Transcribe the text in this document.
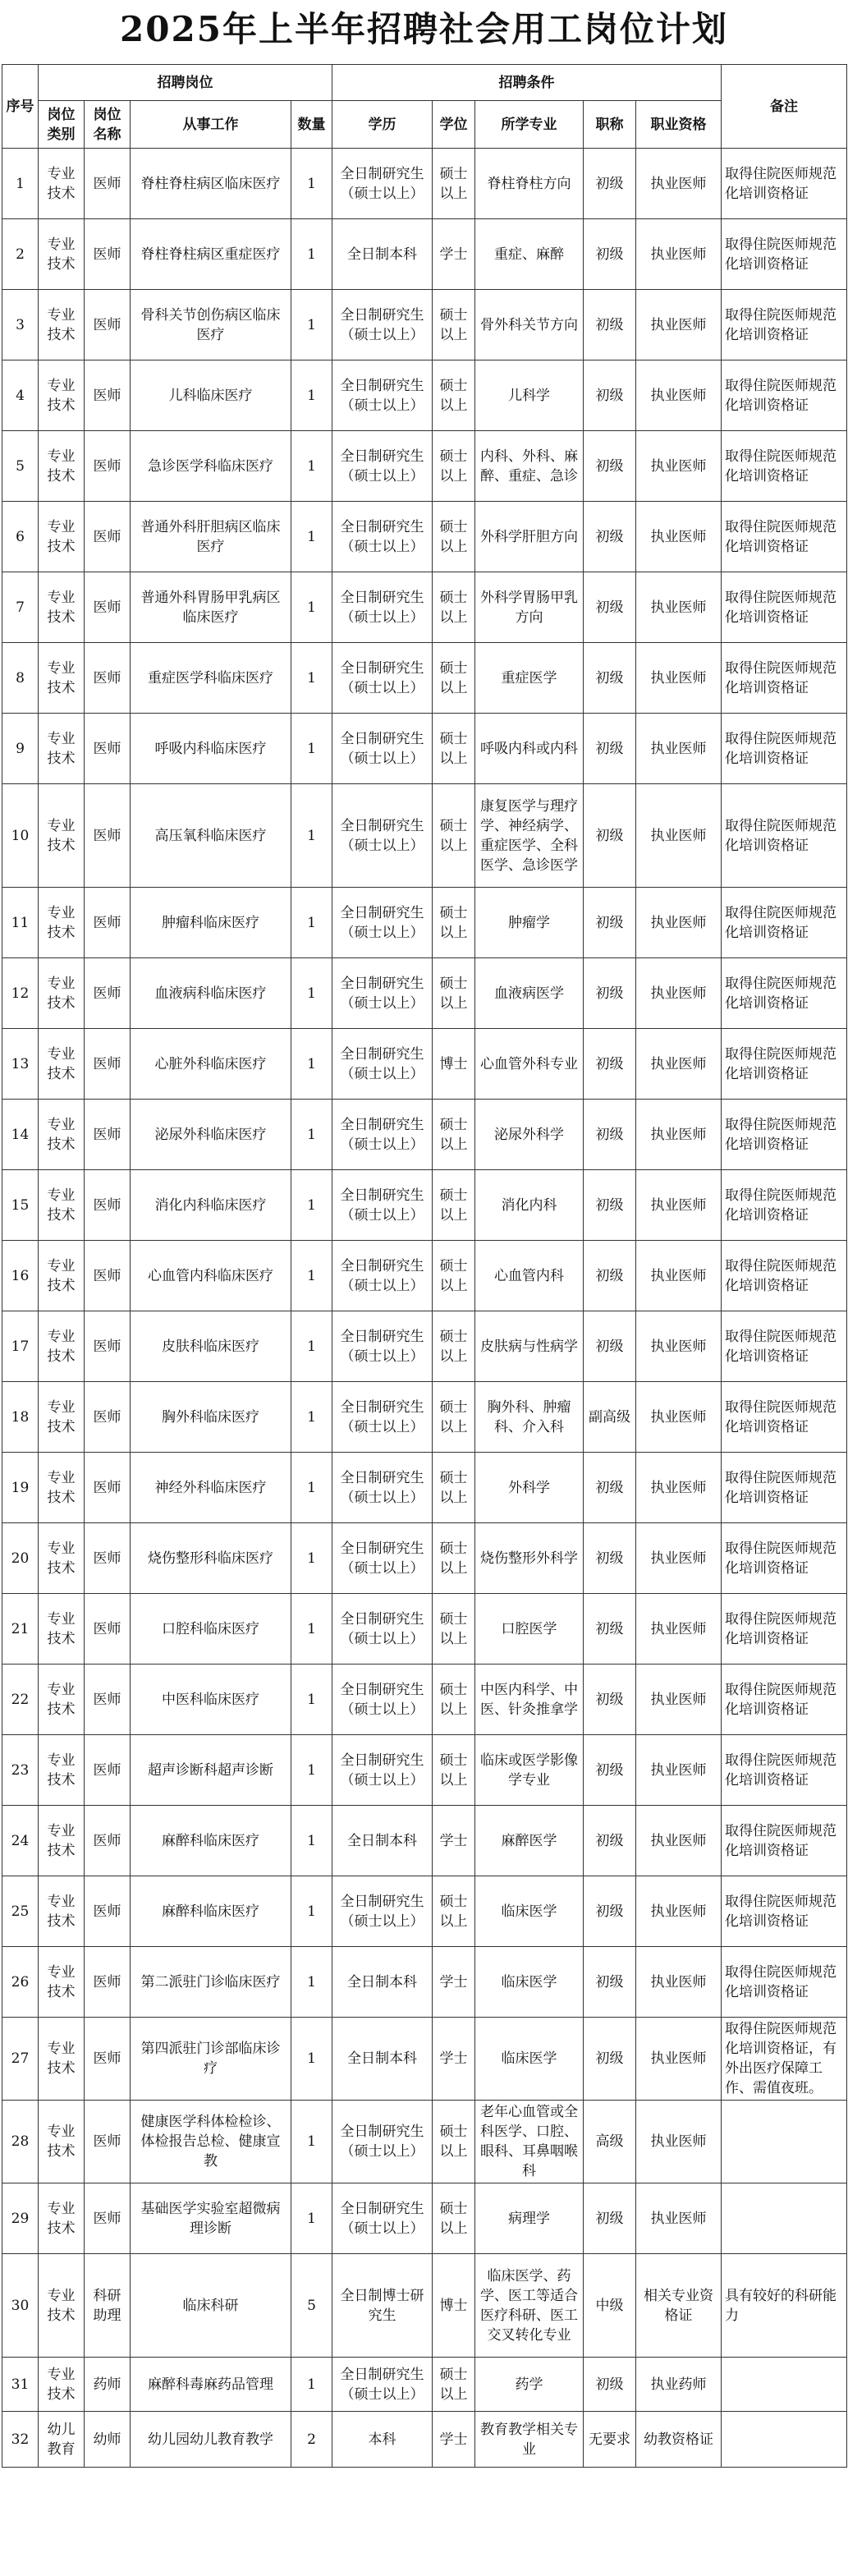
2025年上半年招聘社会用工岗位计划
序号	招聘岗位				招聘条件					备注
	岗位类别	岗位名称	从事工作	数量	学历	学位	所学专业	职称	职业资格	
1	专业技术	医师	脊柱脊柱病区临床医疗	1	全日制研究生（硕士以上）	硕士以上	脊柱脊柱方向	初级	执业医师	取得住院医师规范化培训资格证
2	专业技术	医师	脊柱脊柱病区重症医疗	1	全日制本科	学士	重症、麻醉	初级	执业医师	取得住院医师规范化培训资格证
3	专业技术	医师	骨科关节创伤病区临床医疗	1	全日制研究生（硕士以上）	硕士以上	骨外科关节方向	初级	执业医师	取得住院医师规范化培训资格证
4	专业技术	医师	儿科临床医疗	1	全日制研究生（硕士以上）	硕士以上	儿科学	初级	执业医师	取得住院医师规范化培训资格证
5	专业技术	医师	急诊医学科临床医疗	1	全日制研究生（硕士以上）	硕士以上	内科、外科、麻醉、重症、急诊	初级	执业医师	取得住院医师规范化培训资格证
6	专业技术	医师	普通外科肝胆病区临床医疗	1	全日制研究生（硕士以上）	硕士以上	外科学肝胆方向	初级	执业医师	取得住院医师规范化培训资格证
7	专业技术	医师	普通外科胃肠甲乳病区临床医疗	1	全日制研究生（硕士以上）	硕士以上	外科学胃肠甲乳方向	初级	执业医师	取得住院医师规范化培训资格证
8	专业技术	医师	重症医学科临床医疗	1	全日制研究生（硕士以上）	硕士以上	重症医学	初级	执业医师	取得住院医师规范化培训资格证
9	专业技术	医师	呼吸内科临床医疗	1	全日制研究生（硕士以上）	硕士以上	呼吸内科或内科	初级	执业医师	取得住院医师规范化培训资格证
10	专业技术	医师	高压氧科临床医疗	1	全日制研究生（硕士以上）	硕士以上	康复医学与理疗学、神经病学、重症医学、全科医学、急诊医学	初级	执业医师	取得住院医师规范化培训资格证
11	专业技术	医师	肿瘤科临床医疗	1	全日制研究生（硕士以上）	硕士以上	肿瘤学	初级	执业医师	取得住院医师规范化培训资格证
12	专业技术	医师	血液病科临床医疗	1	全日制研究生（硕士以上）	硕士以上	血液病医学	初级	执业医师	取得住院医师规范化培训资格证
13	专业技术	医师	心脏外科临床医疗	1	全日制研究生（硕士以上）	博士	心血管外科专业	初级	执业医师	取得住院医师规范化培训资格证
14	专业技术	医师	泌尿外科临床医疗	1	全日制研究生（硕士以上）	硕士以上	泌尿外科学	初级	执业医师	取得住院医师规范化培训资格证
15	专业技术	医师	消化内科临床医疗	1	全日制研究生（硕士以上）	硕士以上	消化内科	初级	执业医师	取得住院医师规范化培训资格证
16	专业技术	医师	心血管内科临床医疗	1	全日制研究生（硕士以上）	硕士以上	心血管内科	初级	执业医师	取得住院医师规范化培训资格证
17	专业技术	医师	皮肤科临床医疗	1	全日制研究生（硕士以上）	硕士以上	皮肤病与性病学	初级	执业医师	取得住院医师规范化培训资格证
18	专业技术	医师	胸外科临床医疗	1	全日制研究生（硕士以上）	硕士以上	胸外科、肿瘤科、介入科	副高级	执业医师	取得住院医师规范化培训资格证
19	专业技术	医师	神经外科临床医疗	1	全日制研究生（硕士以上）	硕士以上	外科学	初级	执业医师	取得住院医师规范化培训资格证
20	专业技术	医师	烧伤整形科临床医疗	1	全日制研究生（硕士以上）	硕士以上	烧伤整形外科学	初级	执业医师	取得住院医师规范化培训资格证
21	专业技术	医师	口腔科临床医疗	1	全日制研究生（硕士以上）	硕士以上	口腔医学	初级	执业医师	取得住院医师规范化培训资格证
22	专业技术	医师	中医科临床医疗	1	全日制研究生（硕士以上）	硕士以上	中医内科学、中医、针灸推拿学	初级	执业医师	取得住院医师规范化培训资格证
23	专业技术	医师	超声诊断科超声诊断	1	全日制研究生（硕士以上）	硕士以上	临床或医学影像学专业	初级	执业医师	取得住院医师规范化培训资格证
24	专业技术	医师	麻醉科临床医疗	1	全日制本科	学士	麻醉医学	初级	执业医师	取得住院医师规范化培训资格证
25	专业技术	医师	麻醉科临床医疗	1	全日制研究生（硕士以上）	硕士以上	临床医学	初级	执业医师	取得住院医师规范化培训资格证
26	专业技术	医师	第二派驻门诊临床医疗	1	全日制本科	学士	临床医学	初级	执业医师	取得住院医师规范化培训资格证
27	专业技术	医师	第四派驻门诊部临床诊疗	1	全日制本科	学士	临床医学	初级	执业医师	取得住院医师规范化培训资格证，有外出医疗保障工作、需值夜班。
28	专业技术	医师	健康医学科体检检诊、体检报告总检、健康宣教	1	全日制研究生（硕士以上）	硕士以上	老年心血管或全科医学、口腔、眼科、耳鼻咽喉科	高级	执业医师	
29	专业技术	医师	基础医学实验室超微病理诊断	1	全日制研究生（硕士以上）	硕士以上	病理学	初级	执业医师	
30	专业技术	科研助理	临床科研	5	全日制博士研究生	博士	临床医学、药学、医工等适合医疗科研、医工交叉转化专业	中级	相关专业资格证	具有较好的科研能力
31	专业技术	药师	麻醉科毒麻药品管理	1	全日制研究生（硕士以上）	硕士以上	药学	初级	执业药师	
32	幼儿教育	幼师	幼儿园幼儿教育教学	2	本科	学士	教育教学相关专业	无要求	幼教资格证	
